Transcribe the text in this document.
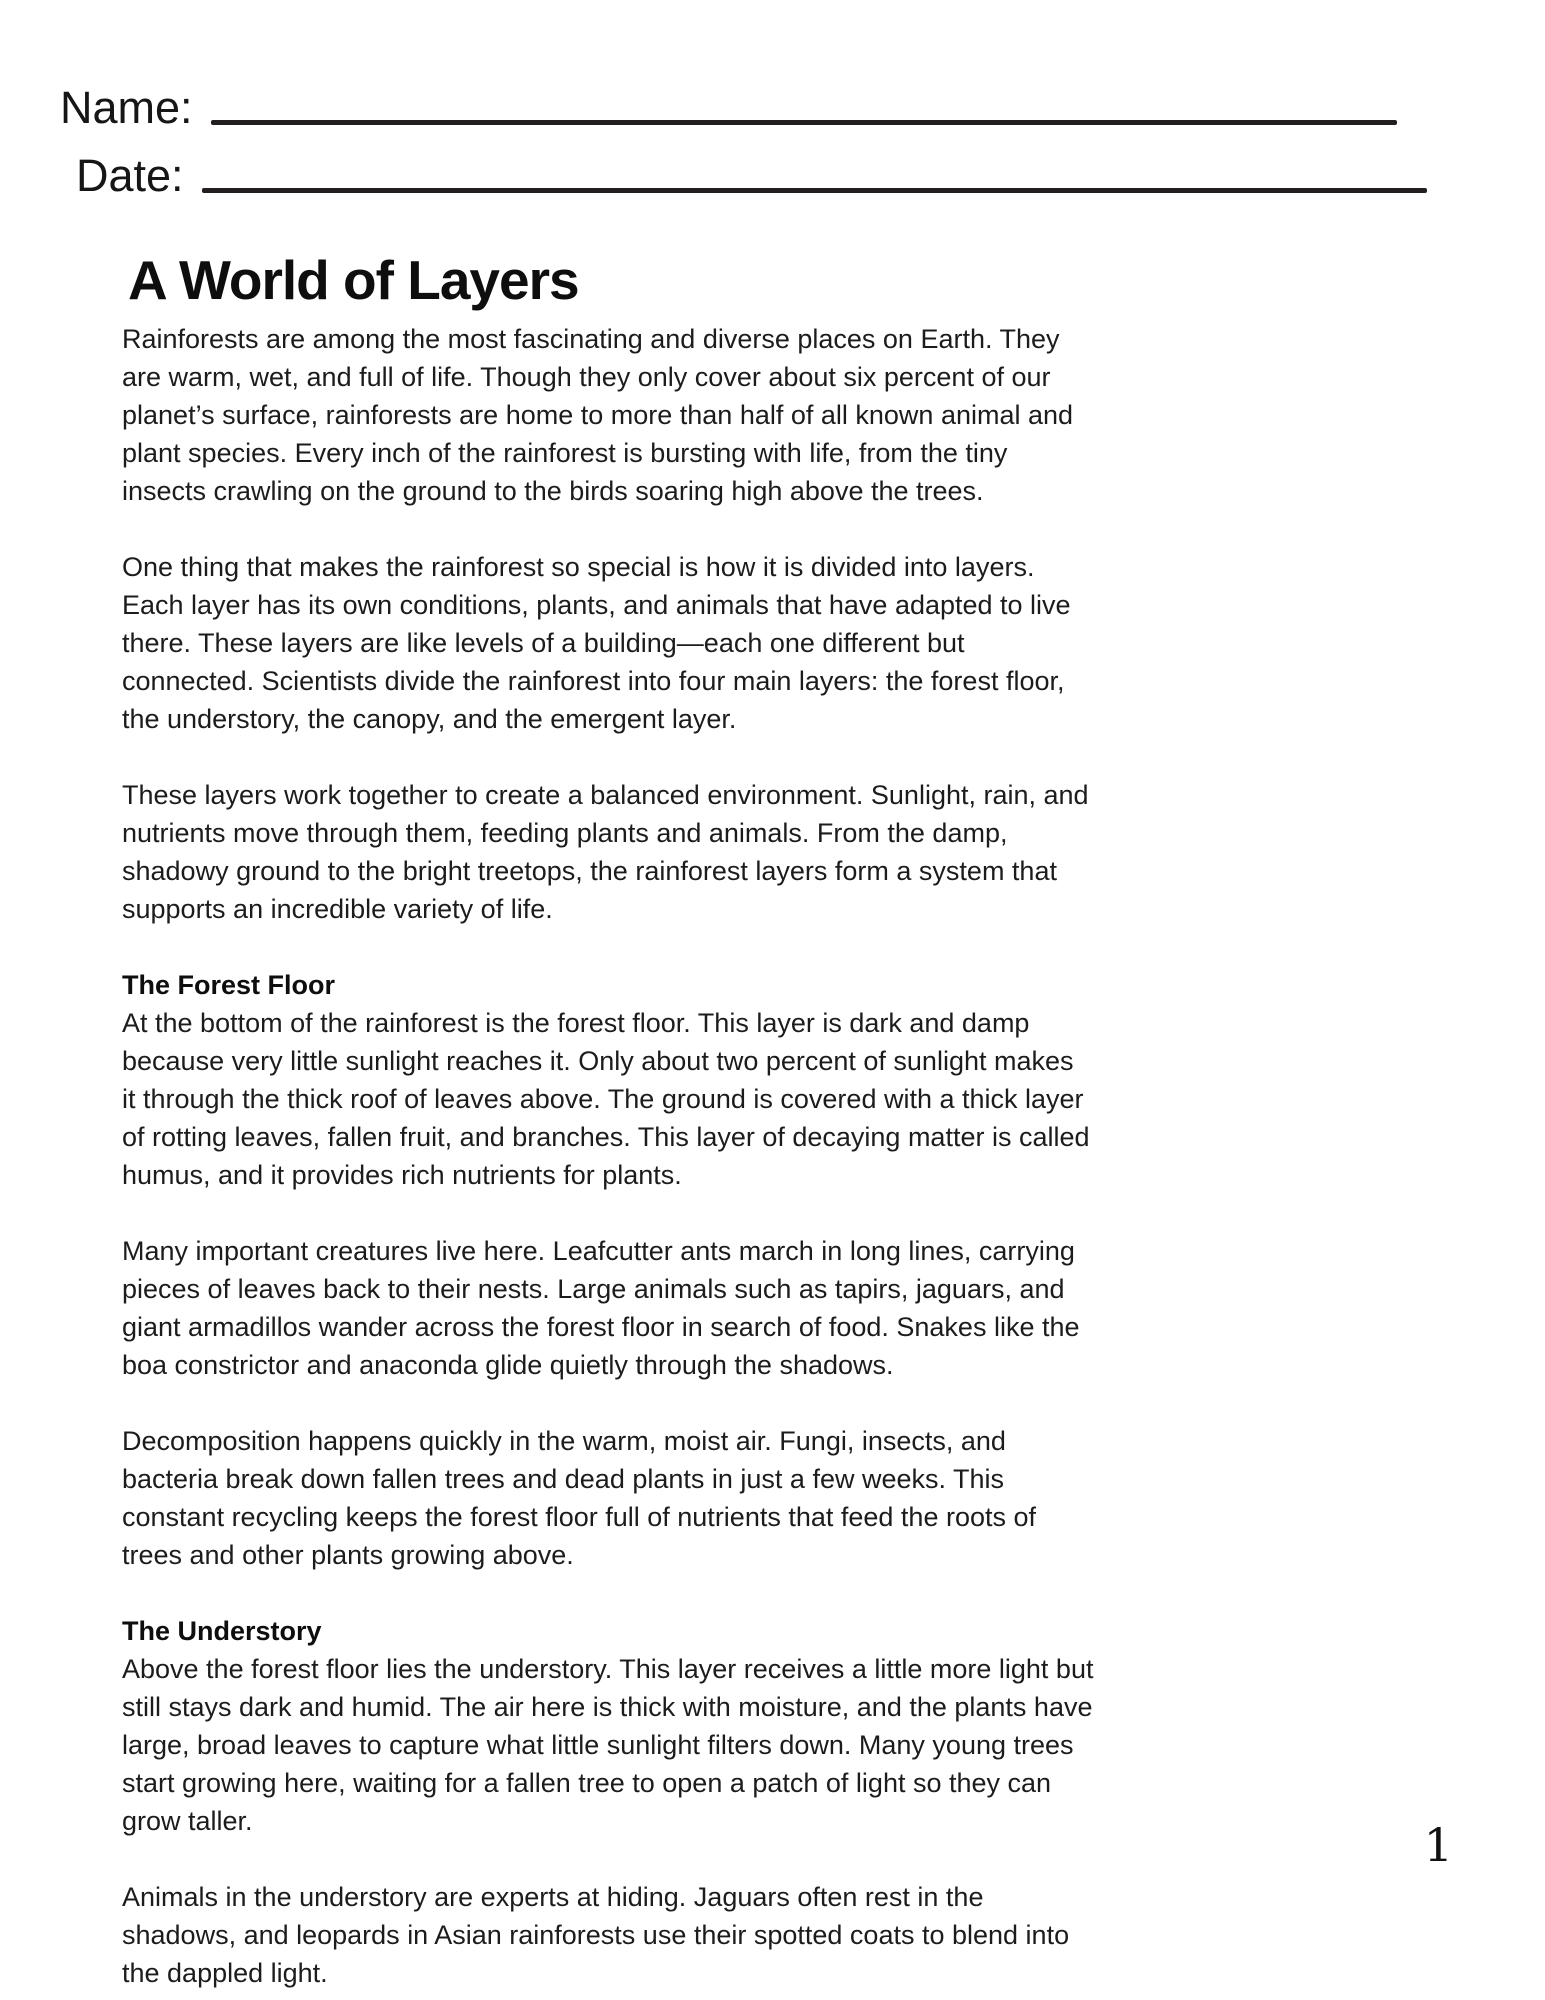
Name:
Date:
A World of Layers

Rainforests are among the most fascinating and diverse places on Earth. They are warm, wet, and full of life. Though they only cover about six percent of our planet’s surface, rainforests are home to more than half of all known animal and plant species. Every inch of the rainforest is bursting with life, from the tiny insects crawling on the ground to the birds soaring high above the trees.

One thing that makes the rainforest so special is how it is divided into layers. Each layer has its own conditions, plants, and animals that have adapted to live there. These layers are like levels of a building—each one different but connected. Scientists divide the rainforest into four main layers: the forest floor, the understory, the canopy, and the emergent layer.

These layers work together to create a balanced environment. Sunlight, rain, and nutrients move through them, feeding plants and animals. From the damp, shadowy ground to the bright treetops, the rainforest layers form a system that supports an incredible variety of life.

The Forest Floor

At the bottom of the rainforest is the forest floor. This layer is dark and damp because very little sunlight reaches it. Only about two percent of sunlight makes it through the thick roof of leaves above. The ground is covered with a thick layer of rotting leaves, fallen fruit, and branches. This layer of decaying matter is called humus, and it provides rich nutrients for plants.

Many important creatures live here. Leafcutter ants march in long lines, carrying pieces of leaves back to their nests. Large animals such as tapirs, jaguars, and giant armadillos wander across the forest floor in search of food. Snakes like the boa constrictor and anaconda glide quietly through the shadows.

Decomposition happens quickly in the warm, moist air. Fungi, insects, and bacteria break down fallen trees and dead plants in just a few weeks. This constant recycling keeps the forest floor full of nutrients that feed the roots of trees and other plants growing above.

The Understory

Above the forest floor lies the understory. This layer receives a little more light but still stays dark and humid. The air here is thick with moisture, and the plants have large, broad leaves to capture what little sunlight filters down. Many young trees start growing here, waiting for a fallen tree to open a patch of light so they can grow taller.

Animals in the understory are experts at hiding. Jaguars often rest in the shadows, and leopards in Asian rainforests use their spotted coats to blend into the dappled light.

1
